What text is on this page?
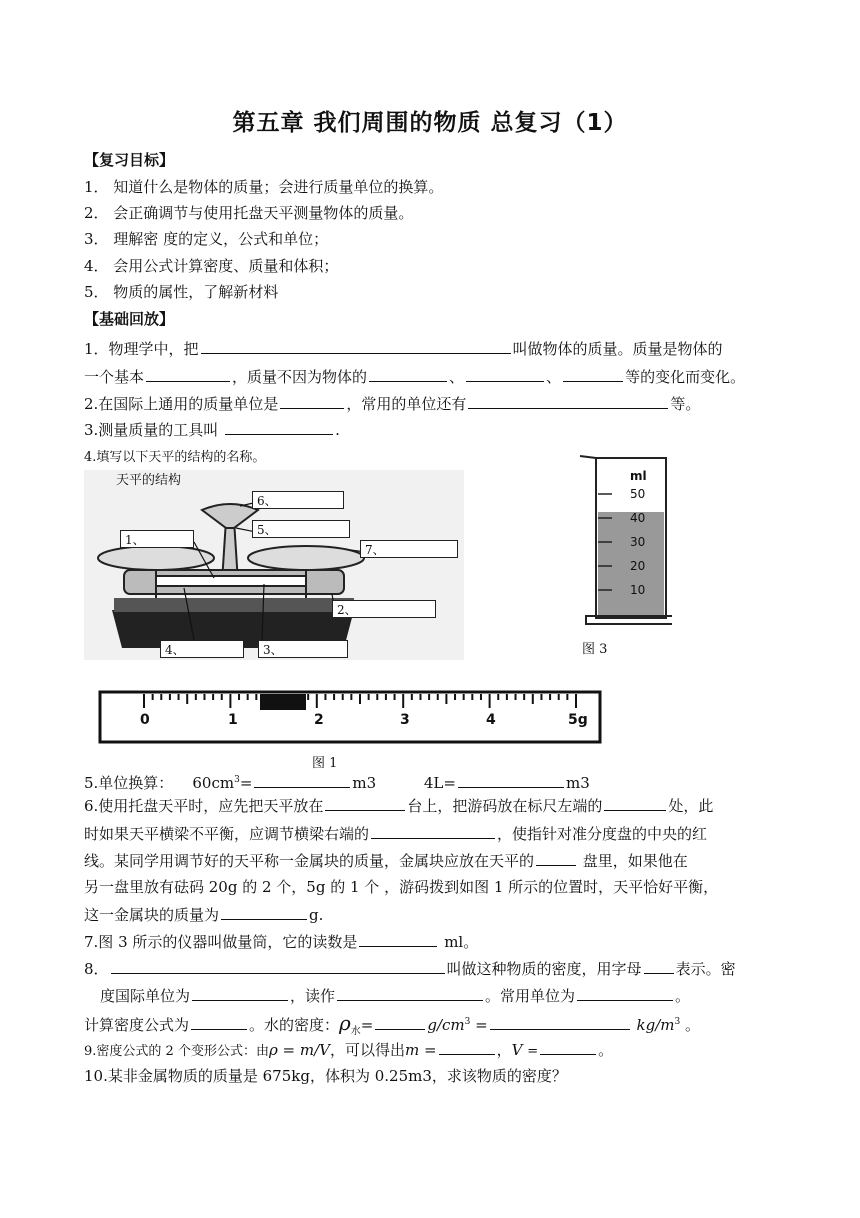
第五章 我们周围的物质 总复习（1）
【复习目标】
1． 知道什么是物体的质量；会进行质量单位的换算。
2． 会正确调节与使用托盘天平测量物体的质量。
3． 理解密 度的定义，公式和单位；
4． 会用公式计算密度、质量和体积；
5． 物质的属性，了解新材料
【基础回放】
1．物理学中，把	叫做物体的质量。质量是物体的
一个基本	，质量不因为物体的	、	、	等的变化而变化。
2.在国际上通用的质量单位是	，常用的单位还有	等。
3.测量质量的工具叫	.
4.填写以下天平的结构的名称。
天平的结构
1、
2、
3、
4、
5、
6、
7、
ml
50
40
30
20
10
图 3
0	1	2	3	4	5g
图 1
5.单位换算： $60cm^3=$	m3	4L=	m3
6.使用托盘天平时，应先把天平放在	台上，把游码放在标尺左端的	处，此
时如果天平横梁不平衡，应调节横梁右端的	，使指针对准分度盘的中央的红
线。某同学用调节好的天平称一金属块的质量，金属块应放在天平的	盘里，如果他在
另一盘里放有砝码 20g 的 2 个，5g 的 1 个 ，游码拨到如图 1 所示的位置时，天平恰好平衡，
这一金属块的质量为	g.
7.图 3 所示的仪器叫做量筒，它的读数是	ml。
8．	叫做这种物质的密度，用字母 表示。密
度国际单位为	，读作	。常用单位为	。
计算密度公式为	。水的密度：$\rho_水=$	$g/cm^3$ =	$kg/m^3$ 。
9.密度公式的 2 个变形公式：由ρ = m/V，可以得出m =	，V =	。
10.某非金属物质的质量是 675kg，体积为 0.25m3，求该物质的密度？
